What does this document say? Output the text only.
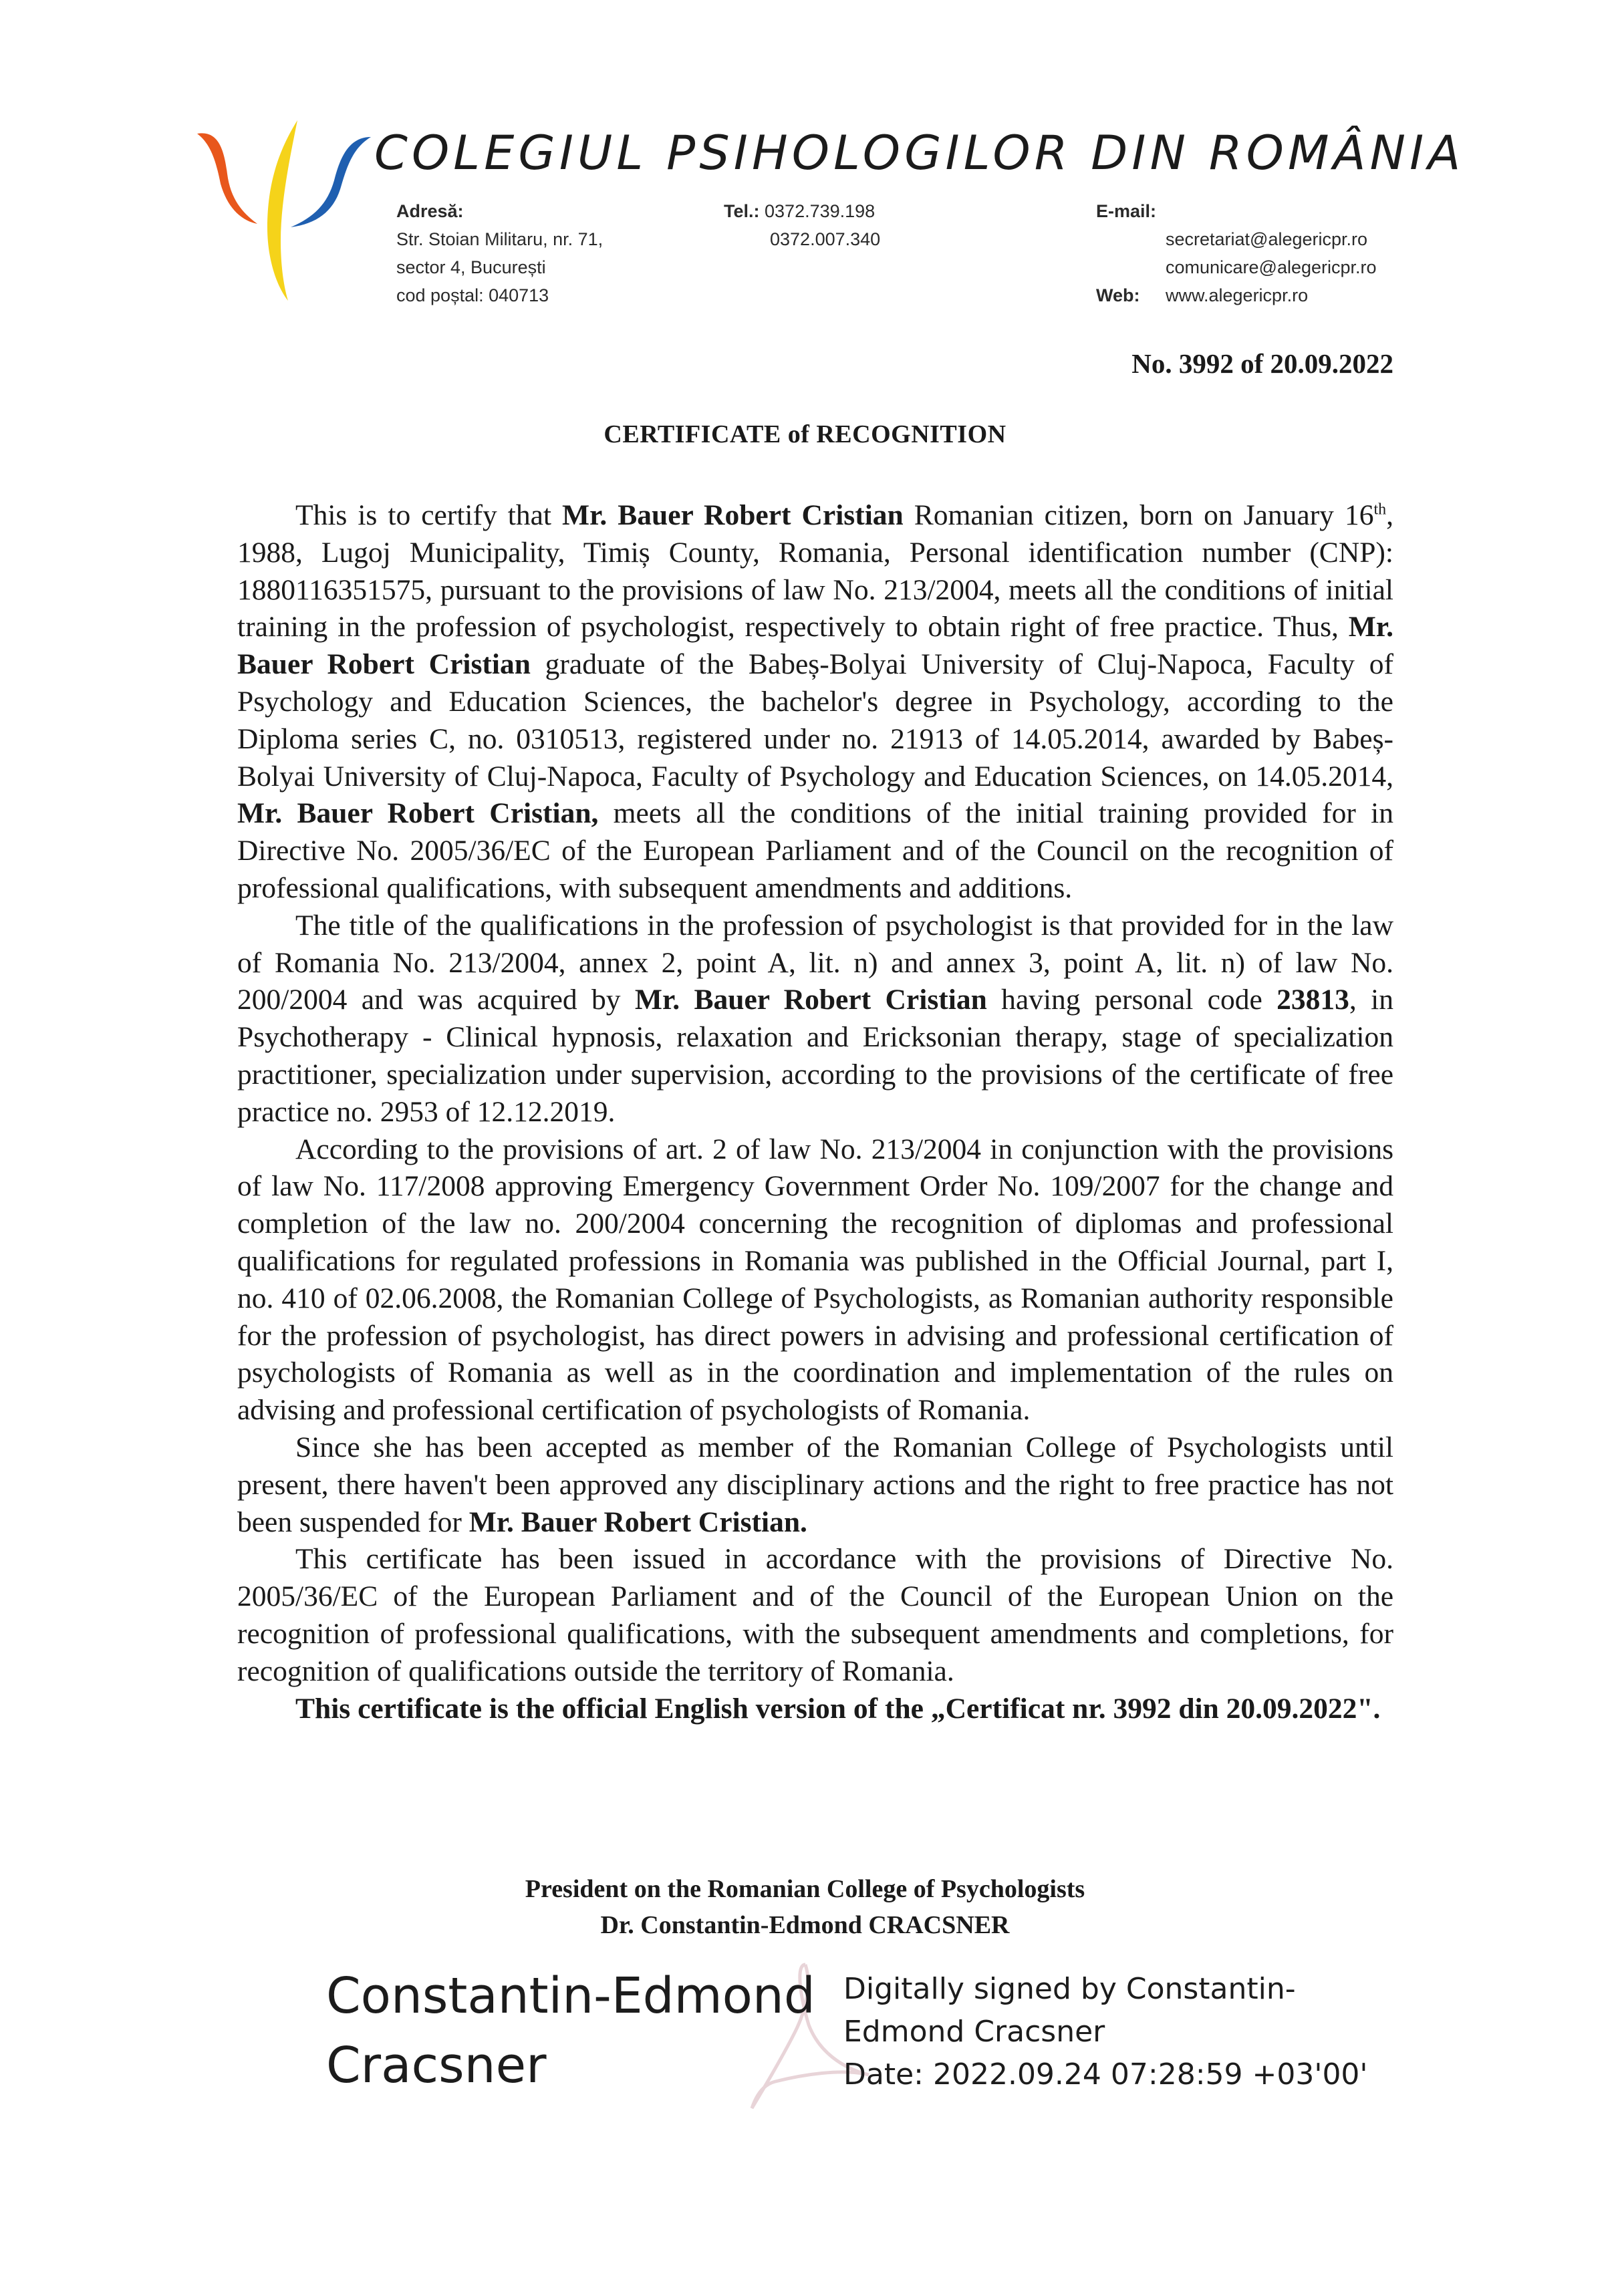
COLEGIUL PSIHOLOGILOR DIN ROMÂNIA
Adresă:
Str. Stoian Militaru, nr. 71,
sector 4, București
cod poștal: 040713
Tel.: 0372.739.198
0372.007.340
E-mail:
secretariat@alegericpr.ro
comunicare@alegericpr.ro
Web:	www.alegericpr.ro
No. 3992 of 20.09.2022
CERTIFICATE of RECOGNITION

This is to certify that Mr. Bauer Robert Cristian Romanian citizen, born on January 16th, 1988, Lugoj Municipality, Timiș County, Romania, Personal identification number (CNP): 1880116351575, pursuant to the provisions of law No. 213/2004, meets all the conditions of initial training in the profession of psychologist, respectively to obtain right of free practice. Thus, Mr. Bauer Robert Cristian graduate of the Babeș-Bolyai University of Cluj-Napoca, Faculty of Psychology and Education Sciences, the bachelor's degree in Psychology, according to the Diploma series C, no. 0310513, registered under no. 21913 of 14.05.2014, awarded by Babeș-Bolyai University of Cluj-Napoca, Faculty of Psychology and Education Sciences, on 14.05.2014, Mr. Bauer Robert Cristian, meets all the conditions of the initial training provided for in Directive No. 2005/36/EC of the European Parliament and of the Council on the recognition of professional qualifications, with subsequent amendments and additions.

The title of the qualifications in the profession of psychologist is that provided for in the law of Romania No. 213/2004, annex 2, point A, lit. n) and annex 3, point A, lit. n) of law No. 200/2004 and was acquired by Mr. Bauer Robert Cristian having personal code 23813, in Psychotherapy - Clinical hypnosis, relaxation and Ericksonian therapy, stage of specialization practitioner, specialization under supervision, according to the provisions of the certificate of free practice no. 2953 of 12.12.2019.

According to the provisions of art. 2 of law No. 213/2004 in conjunction with the provisions of law No. 117/2008 approving Emergency Government Order No. 109/2007 for the change and completion of the law no. 200/2004 concerning the recognition of diplomas and professional qualifications for regulated professions in Romania was published in the Official Journal, part I, no. 410 of 02.06.2008, the Romanian College of Psychologists, as Romanian authority responsible for the profession of psychologist, has direct powers in advising and professional certification of psychologists of Romania as well as in the coordination and implementation of the rules on advising and professional certification of psychologists of Romania.

Since she has been accepted as member of the Romanian College of Psychologists until present, there haven't been approved any disciplinary actions and the right to free practice has not been suspended for Mr. Bauer Robert Cristian.

This certificate has been issued in accordance with the provisions of Directive No. 2005/36/EC of the European Parliament and of the Council of the European Union on the recognition of professional qualifications, with the subsequent amendments and completions, for recognition of qualifications outside the territory of Romania.

This certificate is the official English version of the „Certificat nr. 3992 din 20.09.2022".

President on the Romanian College of Psychologists
Dr. Constantin-Edmond CRACSNER
Constantin-Edmond
Cracsner
Digitally signed by Constantin-
Edmond Cracsner
Date: 2022.09.24 07:28:59 +03'00'
